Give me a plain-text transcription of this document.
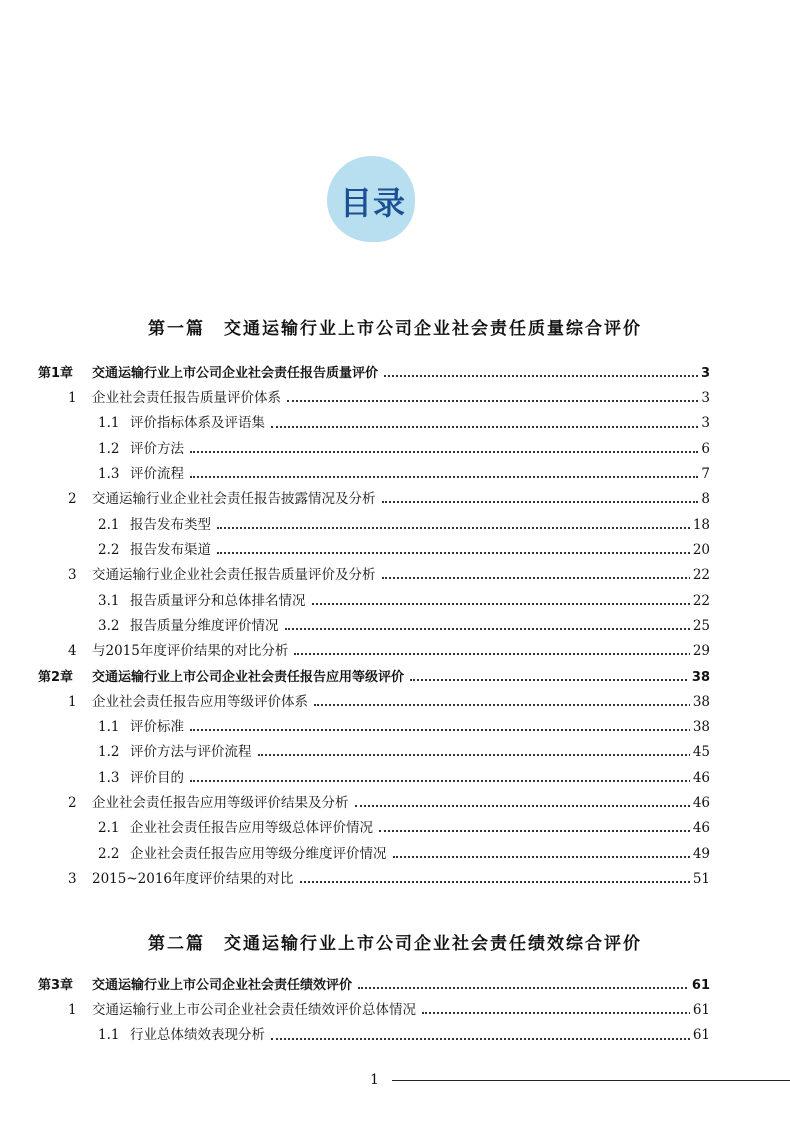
目录
第一篇　交通运输行业上市公司企业社会责任质量综合评价
第1章 交通运输行业上市公司企业社会责任报告质量评价	3
1 企业社会责任报告质量评价体系	3
1.1 评价指标体系及评语集	3
1.2 评价方法	6
1.3 评价流程	7
2 交通运输行业企业社会责任报告披露情况及分析	8
2.1 报告发布类型	18
2.2 报告发布渠道	20
3 交通运输行业企业社会责任报告质量评价及分析	22
3.1 报告质量评分和总体排名情况	22
3.2 报告质量分维度评价情况	25
4 与2015年度评价结果的对比分析	29
第2章 交通运输行业上市公司企业社会责任报告应用等级评价	38
1 企业社会责任报告应用等级评价体系	38
1.1 评价标准	38
1.2 评价方法与评价流程	45
1.3 评价目的	46
2 企业社会责任报告应用等级评价结果及分析	46
2.1 企业社会责任报告应用等级总体评价情况	46
2.2 企业社会责任报告应用等级分维度评价情况	49
3 2015~2016年度评价结果的对比	51
第二篇　交通运输行业上市公司企业社会责任绩效综合评价
第3章 交通运输行业上市公司企业社会责任绩效评价	61
1 交通运输行业上市公司企业社会责任绩效评价总体情况	61
1.1 行业总体绩效表现分析	61
1
